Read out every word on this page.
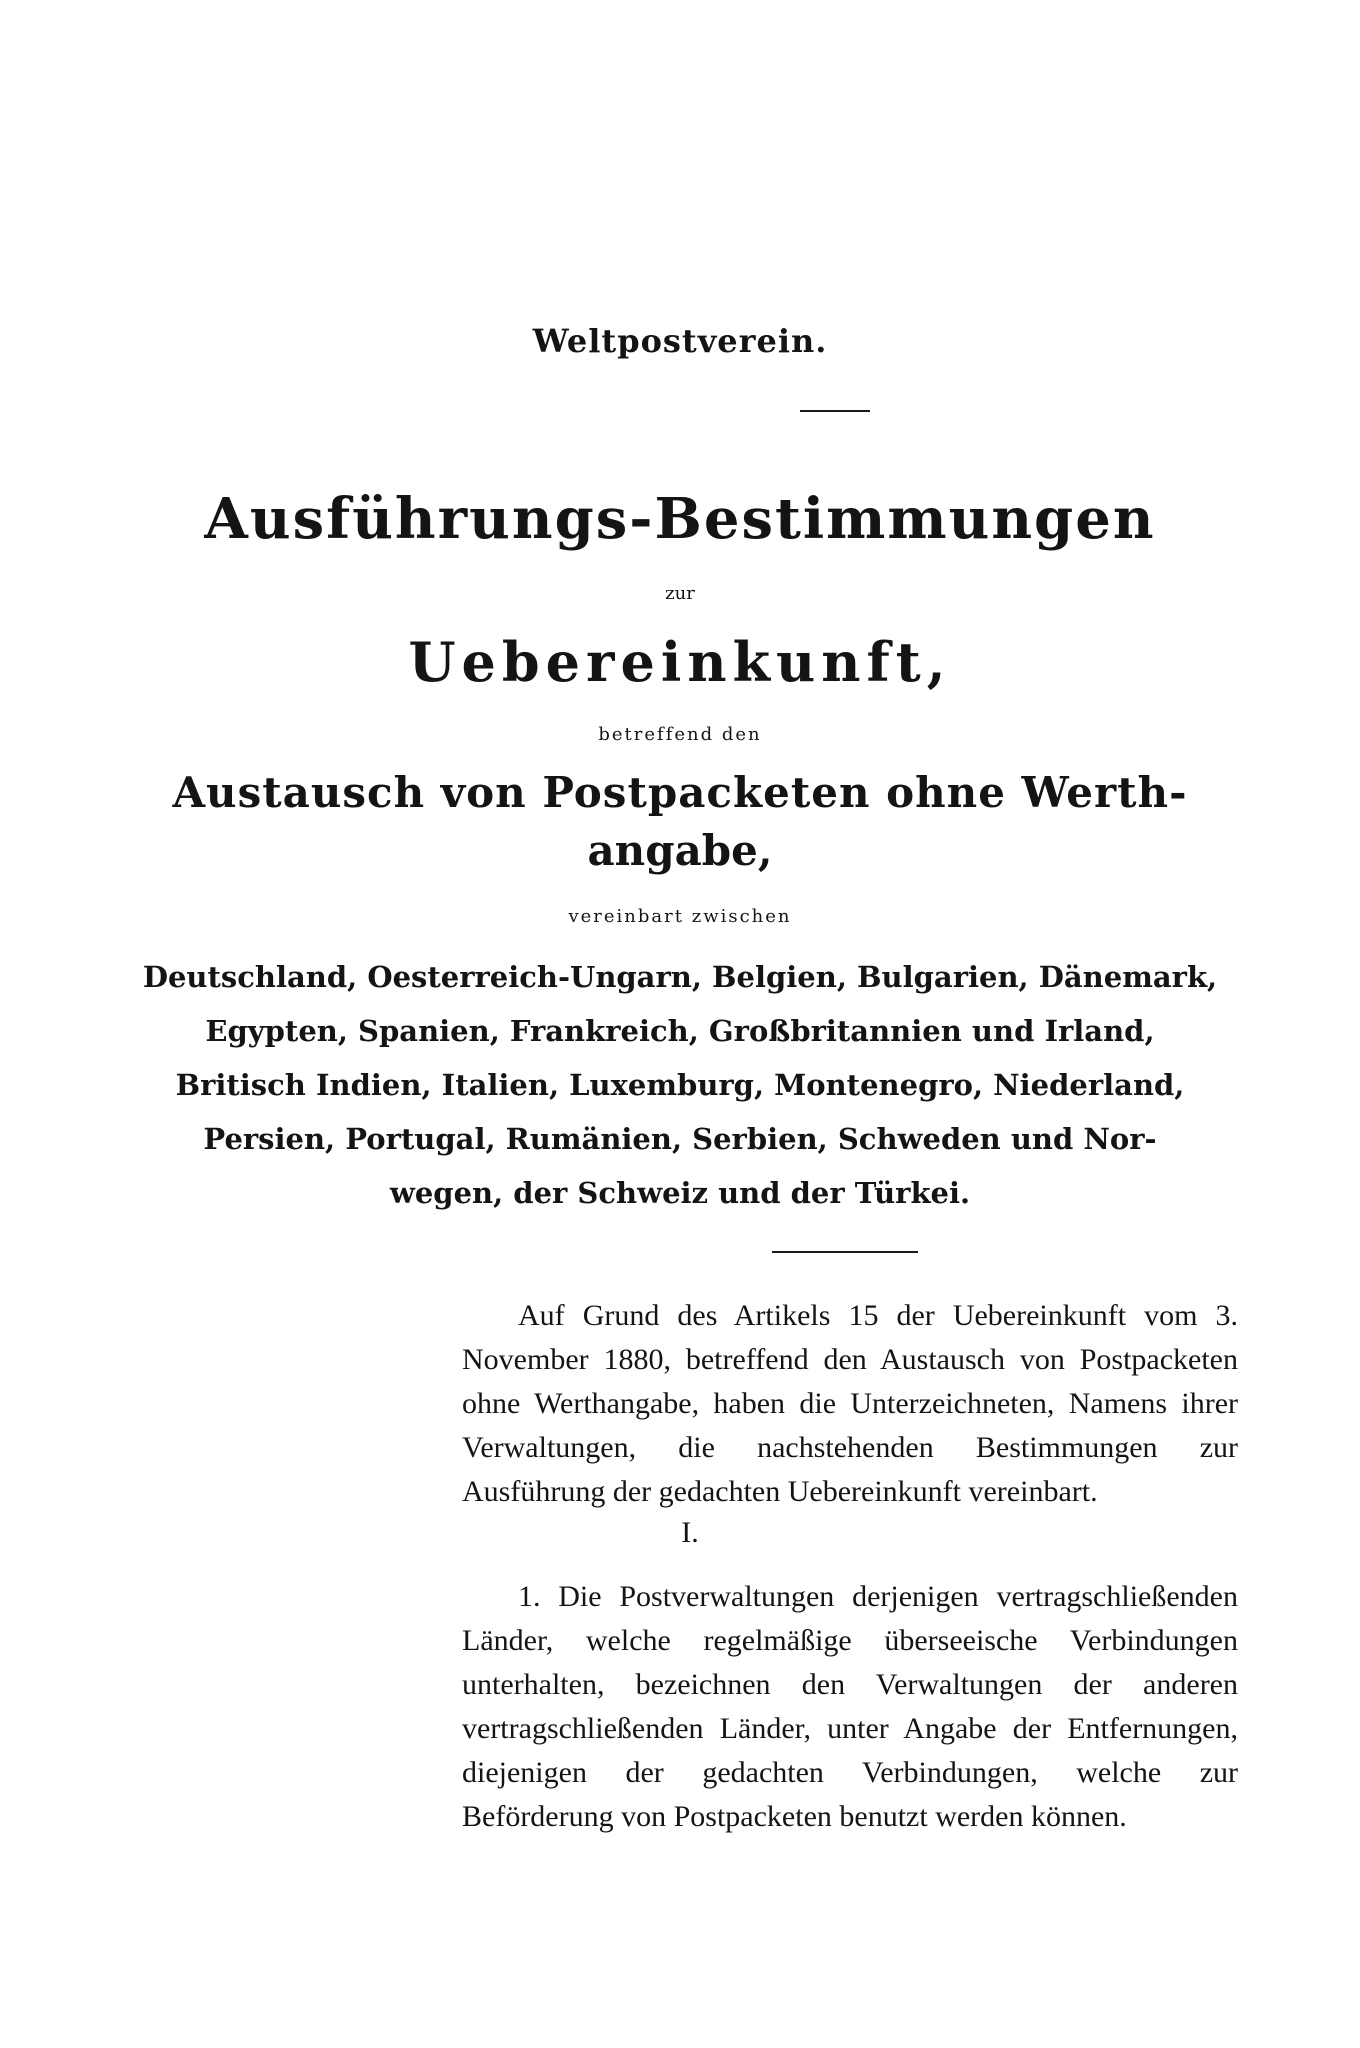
Weltpostverein.
Ausführungs-Bestimmungen
zur
Uebereinkunft,
betreffend den
Austausch von Postpacketen ohne Werth-
angabe,
vereinbart zwischen
Deutschland, Oesterreich-Ungarn, Belgien, Bulgarien, Dänemark,
Egypten, Spanien, Frankreich, Großbritannien und Irland,
Britisch Indien, Italien, Luxemburg, Montenegro, Niederland,
Persien, Portugal, Rumänien, Serbien, Schweden und Nor-
wegen, der Schweiz und der Türkei.

Auf Grund des Artikels 15 der Uebereinkunft vom 3. November 1880, betreffend den Austausch von Postpacketen ohne Werthangabe, haben die Unterzeichneten, Namens ihrer Verwaltungen, die nachstehenden Bestimmungen zur Ausführung der gedachten Uebereinkunft vereinbart.

I.

1. Die Postverwaltungen derjenigen vertragschließenden Länder, welche regelmäßige überseeische Verbindungen unterhalten, bezeichnen den Verwaltungen der anderen vertragschließenden Länder, unter Angabe der Entfernungen, diejenigen der gedachten Verbindungen, welche zur Beförderung von Postpacketen benutzt werden können.
